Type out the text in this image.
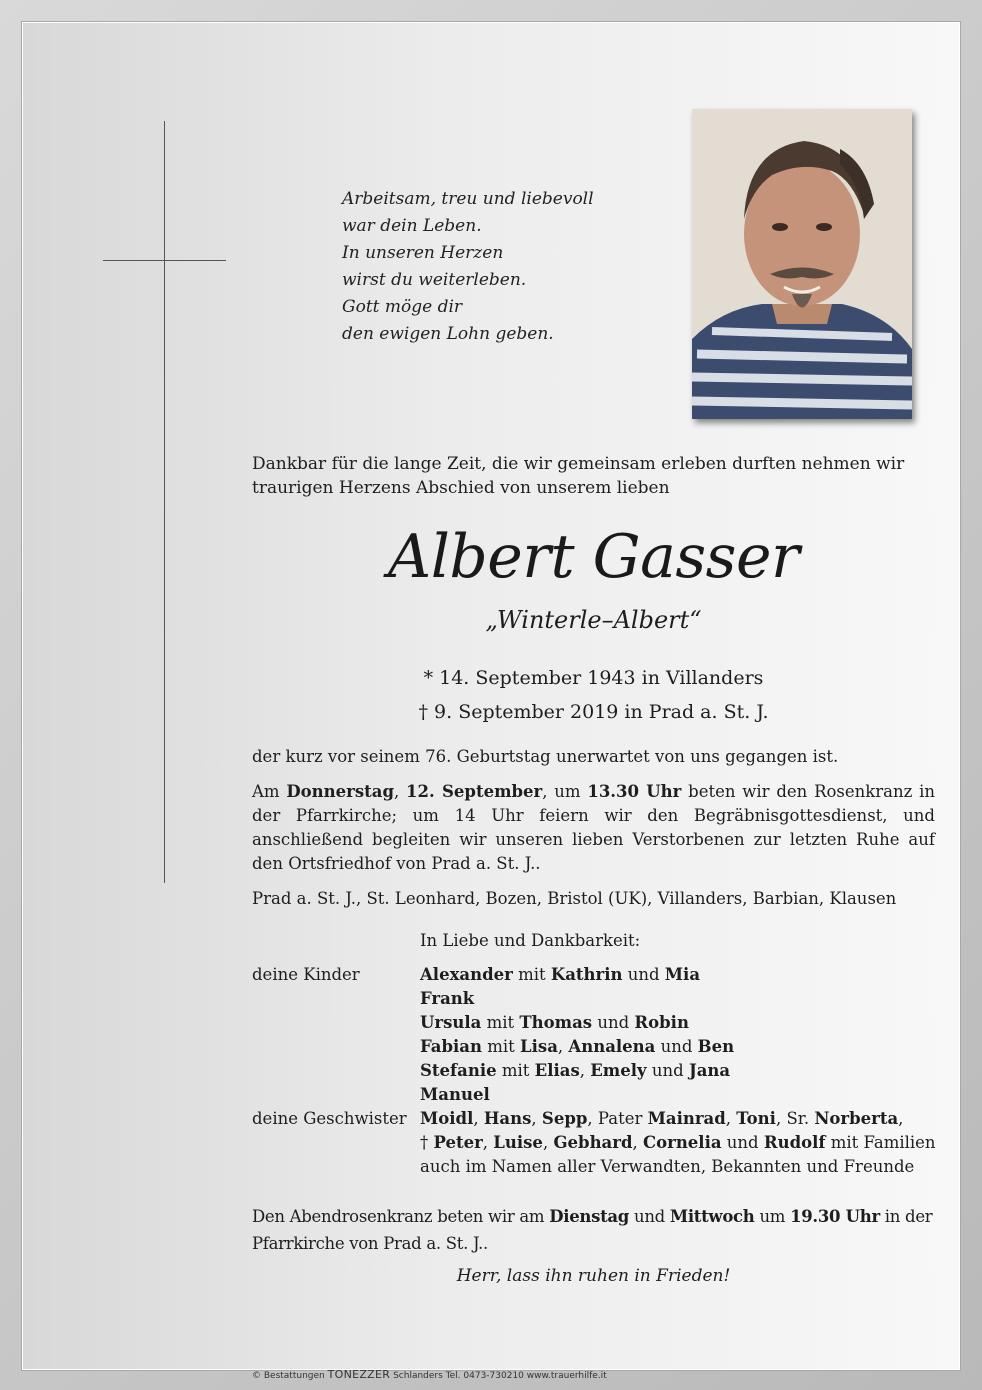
Arbeitsam, treu und liebevoll
war dein Leben.
In unseren Herzen
wirst du weiterleben.
Gott möge dir
den ewigen Lohn geben.
Dankbar für die lange Zeit, die wir gemeinsam erleben durften nehmen wir traurigen Herzens Abschied von unserem lieben
Albert Gasser
„Winterle–Albert“
* 14. September 1943 in Villanders
† 9. September 2019 in Prad a. St. J.
der kurz vor seinem 76. Geburtstag unerwartet von uns gegangen ist.
Am Donnerstag, 12. September, um 13.30 Uhr beten wir den Rosenkranz in der Pfarrkirche; um 14 Uhr feiern wir den Begräbnisgottesdienst, und anschließend begleiten wir unseren lieben Verstorbenen zur letzten Ruhe auf den Ortsfriedhof von Prad a. St. J..
Prad a. St. J., St. Leonhard, Bozen, Bristol (UK), Villanders, Barbian, Klausen
In Liebe und Dankbarkeit:
deine Kinder	Alexander mit Kathrin und Mia
Frank
Ursula mit Thomas und Robin
Fabian mit Lisa, Annalena und Ben
Stefanie mit Elias, Emely und Jana
Manuel
deine Geschwister Moidl, Hans, Sepp, Pater Mainrad, Toni, Sr. Norberta,
† Peter, Luise, Gebhard, Cornelia und Rudolf mit Familien
auch im Namen aller Verwandten, Bekannten und Freunde
Den Abendrosenkranz beten wir am Dienstag und Mittwoch um 19.30 Uhr in der Pfarrkirche von Prad a. St. J..
Herr, lass ihn ruhen in Frieden!
© Bestattungen TONEZZER Schlanders Tel. 0473-730210 www.trauerhilfe.it
